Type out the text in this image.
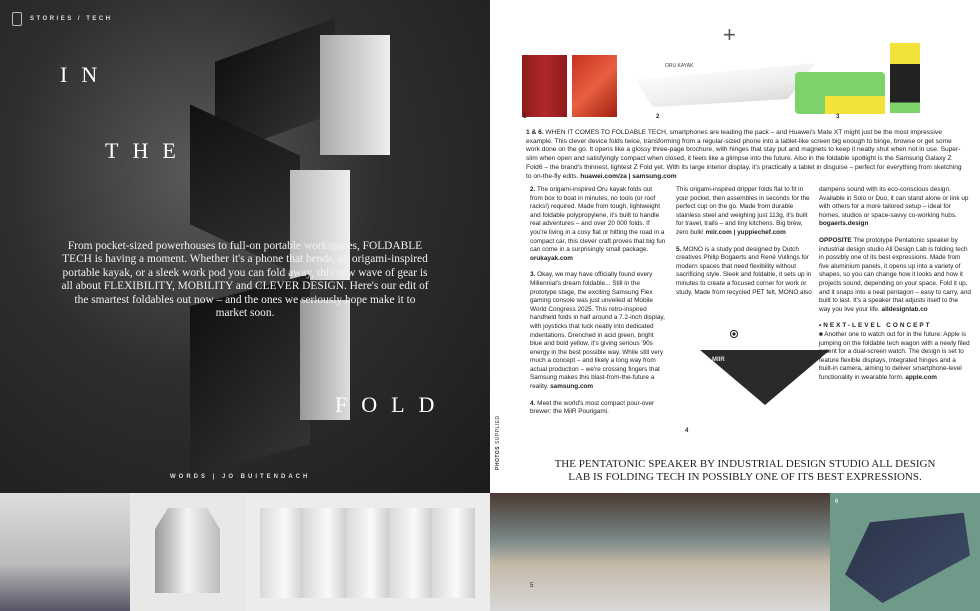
STORIES / TECH
IN
THE
FOLD
From pocket-sized powerhouses to full-on portable workspaces, FOLDABLE TECH is having a moment. Whether it's a phone that bends, an origami-inspired portable kayak, or a sleek work pod you can fold away, this new wave of gear is all about FLEXIBILITY, MOBILITY and CLEVER DESIGN. Here's our edit of the smartest foldables out now – and the ones we seriously hope make it to market soon.
WORDS | JO BUITENDACH
+
ORU KAYAK
1	2	3
1 & 6. WHEN IT COMES TO FOLDABLE TECH, smartphones are leading the pack – and Huawei's Mate XT might just be the most impressive example. This clever device folds twice, transforming from a regular-sized phone into a tablet-like screen big enough to binge, browse or get some work done on the go. It opens like a glossy three-page brochure, with hinges that stay put and magnets to keep it neatly shut when not in use. Super-slim when open and satisfyingly compact when closed, it feels like a glimpse into the future. Also in the foldable spotlight is the Samsung Galaxy Z Fold6 – the brand's thinnest, lightest Z Fold yet. With its large interior display, it's practically a tablet in disguise – perfect for everything from sketching to on-the-fly edits. huawei.com/za | samsung.com

2. The origami-inspired Oru kayak folds out from box to boat in minutes, no tools (or roof racks!) required. Made from tough, lightweight and foldable polypropylene, it's built to handle real adventures – and over 20 000 folds. If you're living in a cosy flat or hitting the road in a compact car, this clever craft proves that big fun can come in a surprisingly small package. orukayak.com

3. Okay, we may have officially found every Millennial's dream foldable... Still in the prototype stage, the exciting Samsung Flex gaming console was just unveiled at Mobile World Congress 2025. This retro-inspired handheld folds in half around a 7.2-inch display, with joysticks that tuck neatly into dedicated indentations. Drenched in acid green, bright blue and bold yellow, it's giving serious '90s energy in the best possible way. While still very much a concept – and likely a long way from actual production – we're crossing fingers that Samsung makes this blast-from-the-future a reality. samsung.com

4. Meet the world's most compact pour-over brewer: the MiiR Pourigami.

This origami-inspired dripper folds flat to fit in your pocket, then assembles in seconds for the perfect cup on the go. Made from durable stainless steel and weighing just 113g, it's built for travel, trails – and tiny kitchens. Big brew, zero bulk! miir.com | yuppiechef.com

5. MONO is a study pod designed by Dutch creatives Philip Bogaerts and René Vullings for modern spaces that need flexibility without sacrificing style. Sleek and foldable, it sets up in minutes to create a focused corner for work or study. Made from recycled PET felt, MONO also

dampens sound with its eco-conscious design. Available in Solo or Duo, it can stand alone or link up with others for a more tailored setup – ideal for homes, studios or space-savvy co-working hubs. bogaerts.design

OPPOSITE The prototype Pentatonic speaker by industrial design studio All Design Lab is folding tech in possibly one of its best expressions. Made from five aluminium panels, it opens up into a variety of shapes, so you can change how it looks and how it projects sound, depending on your space. Fold it up, and it snaps into a neat pentagon – easy to carry, and built to last. It's a speaker that adjusts itself to the way you live your life. alldesignlab.co

•NEXT-LEVEL CONCEPT

■ Another one to watch out for in the future: Apple is jumping on the foldable tech wagon with a newly filed patent for a dual-screen watch. The design is set to feature flexible displays, integrated hinges and a built-in camera, aiming to deliver smartphone-level functionality in wearable form. apple.com

MIIR
4
THE PENTATONIC SPEAKER BY INDUSTRIAL DESIGN STUDIO ALL DESIGN LAB IS FOLDING TECH IN POSSIBLY ONE OF ITS BEST EXPRESSIONS.
PHOTOS SUPPLIED
5
6
